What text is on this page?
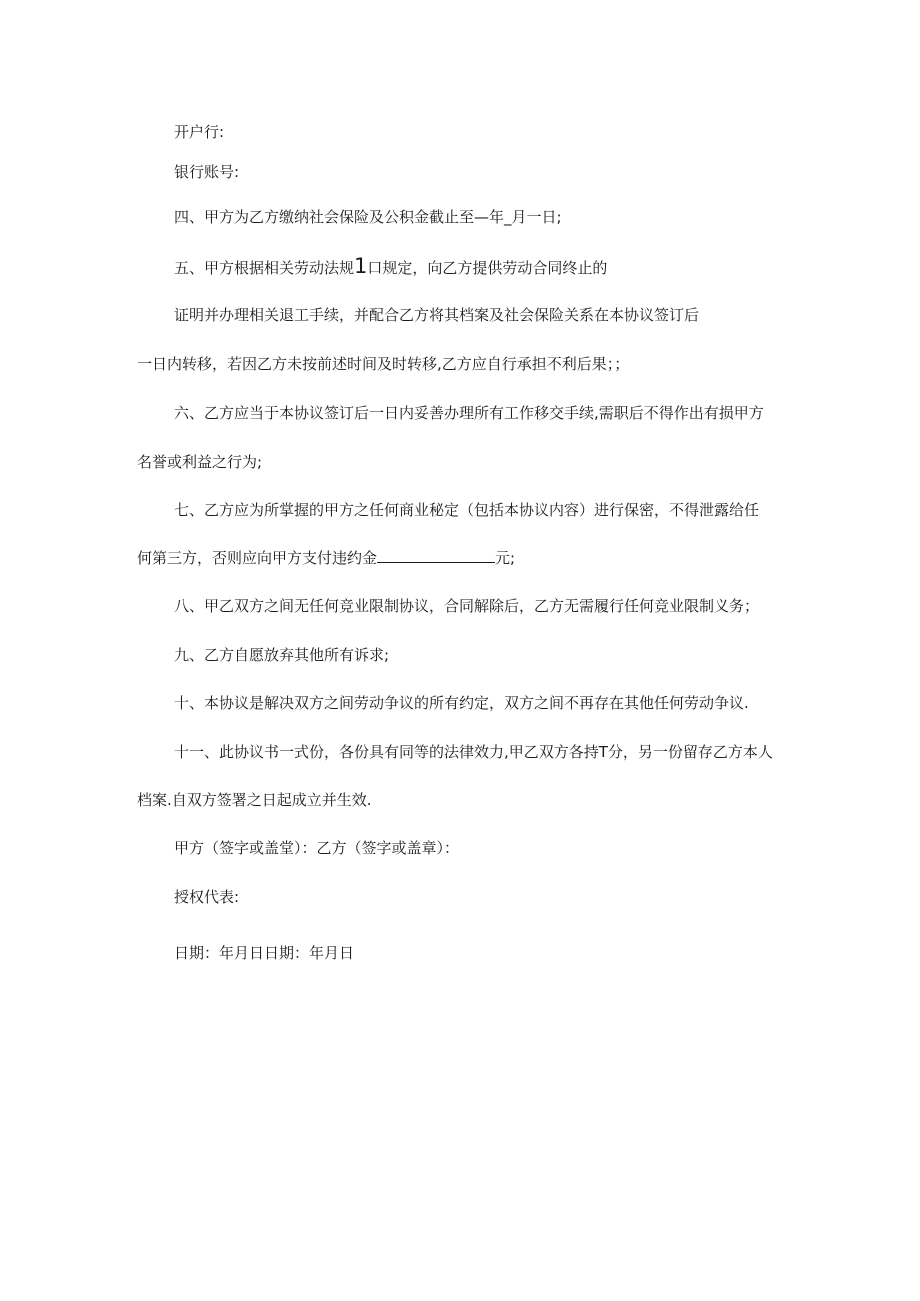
开户行:
银行账号:
四、甲方为乙方缴纳社会保险及公积金截止至—年_月一日;
五、甲方根据相关劳动法规1口规定，向乙方提供劳动合同终止的
证明并办理相关退工手续，并配合乙方将其档案及社会保险关系在本协议签订后
一日内转移，若因乙方未按前述时间及时转移,乙方应自行承担不利后果；；
六、乙方应当于本协议签订后一日内妥善办理所有工作移交手续,需职后不得作出有损甲方
名誉或利益之行为;
七、乙方应为所掌握的甲方之任何商业秘定（包括本协议内容）进行保密，不得泄露给任
何第三方，否则应向甲方支付违约金	元;
八、甲乙双方之间无任何竞业限制协议，合同解除后，乙方无需履行任何竞业限制义务；
九、乙方自愿放弃其他所有诉求;
十、本协议是解决双方之间劳动争议的所有约定，双方之间不再存在其他任何劳动争议.
十一、此协议书一式份，各份具有同等的法律效力,甲乙双方各持T分，另一份留存乙方本人
档案.自双方签署之日起成立并生效.
甲方（签字或盖堂）：乙方（签字或盖章）：
授权代表:
日期：年月日日期：年月日
